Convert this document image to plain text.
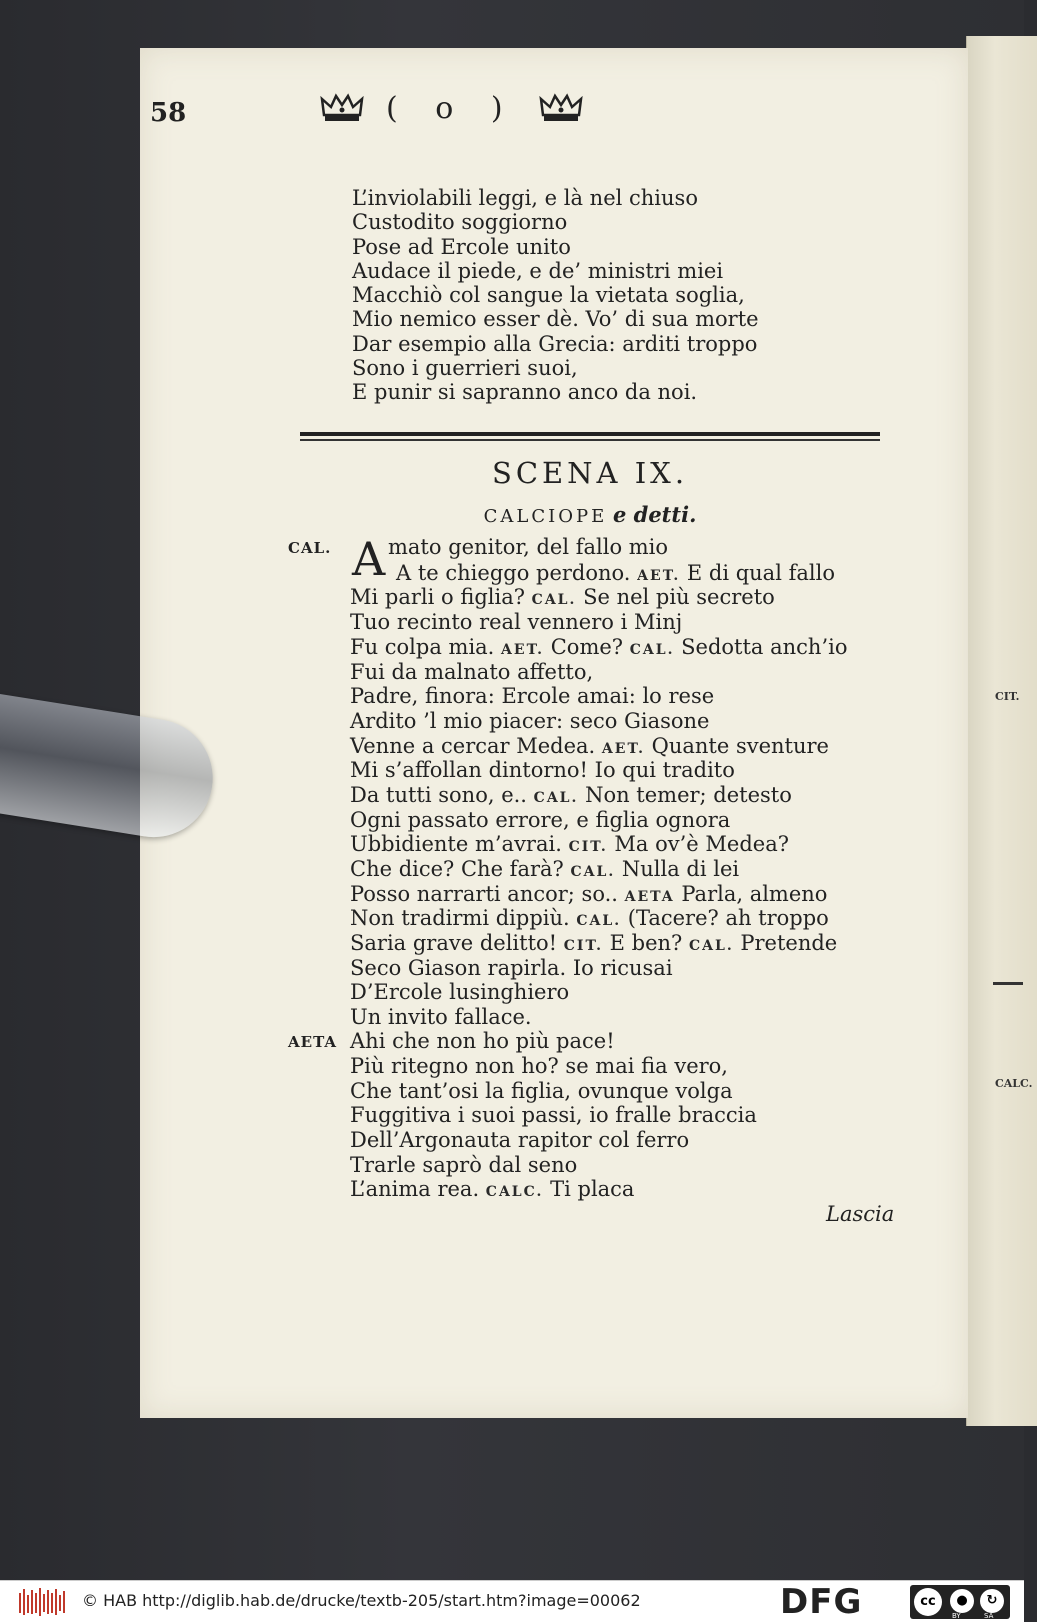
CIT.
CALC.
58	( o )
L’inviolabili leggi, e là nel chiuso
Custodito soggiorno
Pose ad Ercole unito
Audace il piede, e de’ ministri miei
Macchiò col sangue la vietata soglia,
Mio nemico esser dè. Vo’ di sua morte
Dar esempio alla Grecia: arditi troppo
Sono i guerrieri suoi,
E punir si sapranno anco da noi.
SCENA IX.
CALCIOPE e detti.
A
CAL.	mato genitor, del fallo mio
A te chieggo perdono. AET. E di qual fallo
Mi parli o figlia? CAL. Se nel più secreto
Tuo recinto real vennero i Minj
Fu colpa mia. AET. Come? CAL. Sedotta anch’io
Fui da malnato affetto,
Padre, finora: Ercole amai: lo rese
Ardito ’l mio piacer: seco Giasone
Venne a cercar Medea. AET. Quante sventure
Mi s’affollan dintorno! Io qui tradito
Da tutti sono, e.. CAL. Non temer; detesto
Ogni passato errore, e figlia ognora
Ubbidiente m’avrai. CIT. Ma ov’è Medea?
Che dice? Che farà? CAL. Nulla di lei
Posso narrarti ancor; so.. AETA Parla, almeno
Non tradirmi dippiù. CAL. (Tacere? ah troppo
Saria grave delitto! CIT. E ben? CAL. Pretende
Seco Giason rapirla. Io ricusai
D’Ercole lusinghiero
Un invito fallace.
AETA Ahi che non ho più pace!
Più ritegno non ho? se mai fia vero,
Che tant’osi la figlia, ovunque volga
Fuggitiva i suoi passi, io fralle braccia
Dell’Argonauta rapitor col ferro
Trarle saprò dal seno
L’anima rea. CALC. Ti placa
Lascia
© HAB http://diglib.hab.de/drucke/textb-205/start.htm?image=00062	DFG	cc	●	↻
BY	SA
